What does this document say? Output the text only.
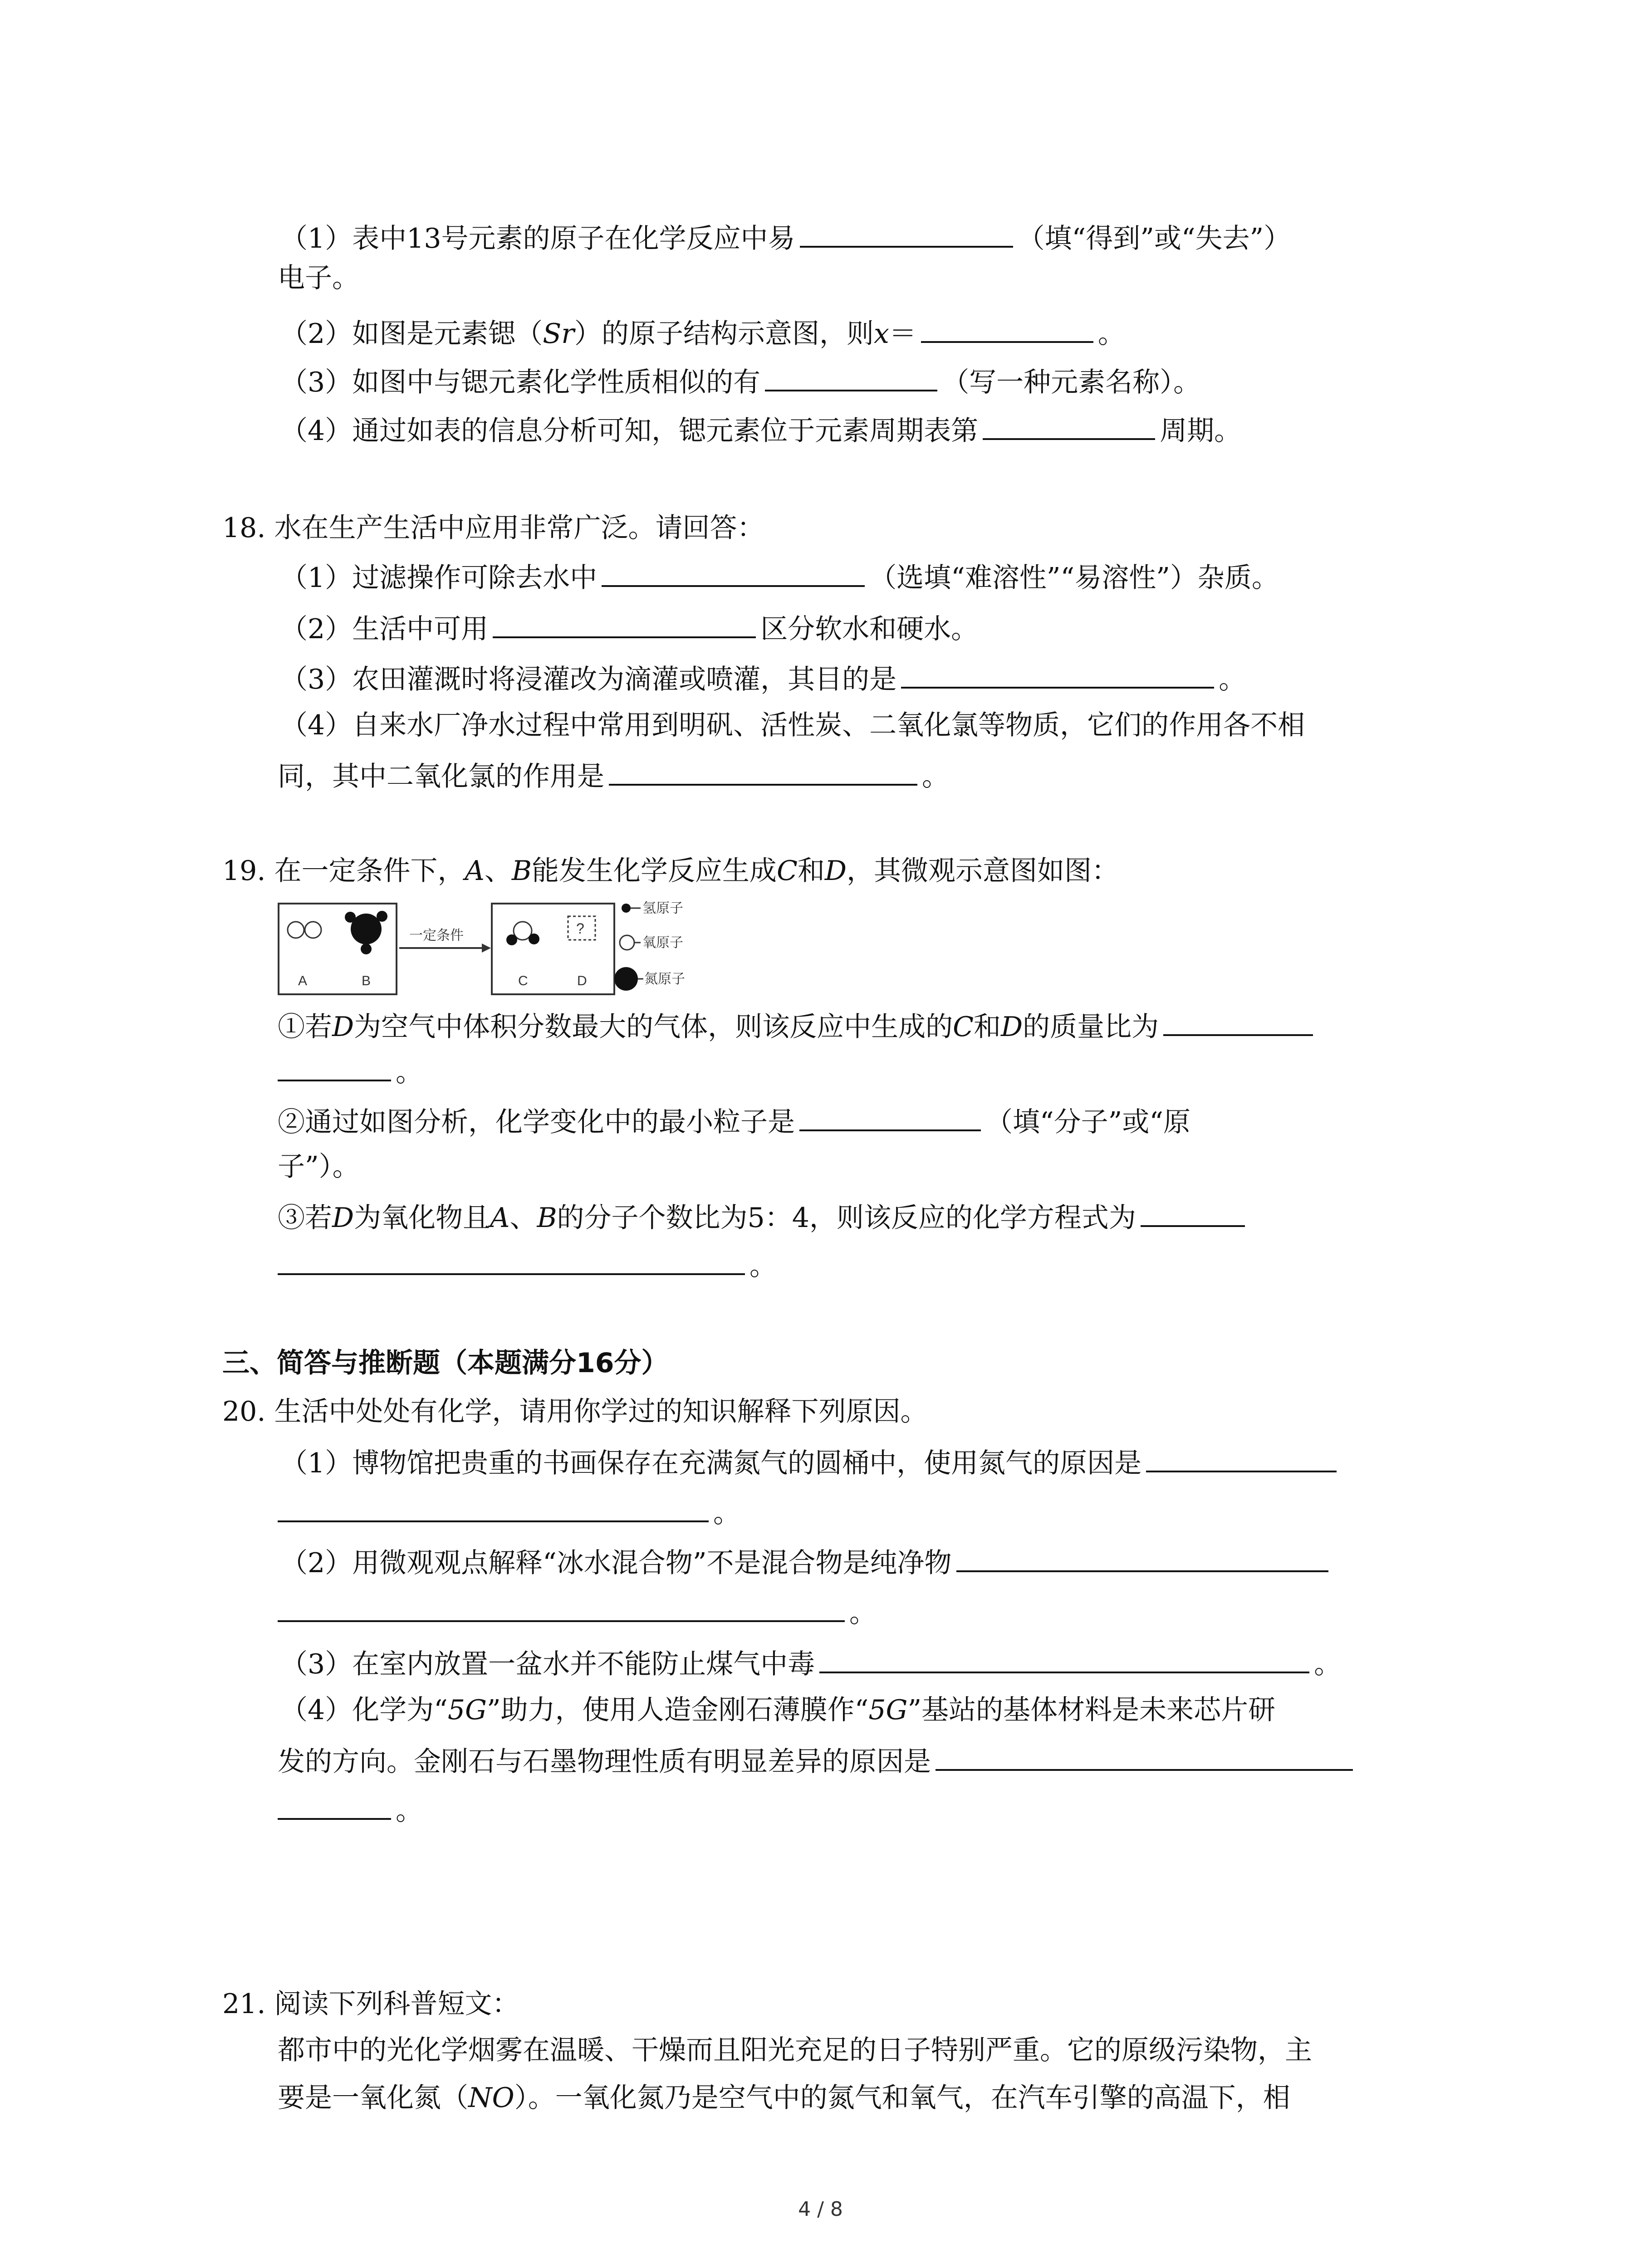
（1）表中13号元素的原子在化学反应中易	（填“得到”或“失去”）
电子。
（2）如图是元素锶（Sr）的原子结构示意图，则x＝	。
（3）如图中与锶元素化学性质相似的有	（写一种元素名称）。
（4）通过如表的信息分析可知，锶元素位于元素周期表第	周期。
18. 水在生产生活中应用非常广泛。请回答：
（1）过滤操作可除去水中	（选填“难溶性”“易溶性”）杂质。
（2）生活中可用	区分软水和硬水。
（3）农田灌溉时将浸灌改为滴灌或喷灌，其目的是	。
（4）自来水厂净水过程中常用到明矾、活性炭、二氧化氯等物质，它们的作用各不相
同，其中二氧化氯的作用是	。
19. 在一定条件下，A、B能发生化学反应生成C和D，其微观示意图如图：
A	B
一定条件	?
C	D
氢原子
氧原子
氮原子
①若D为空气中体积分数最大的气体，则该反应中生成的C和D的质量比为
。
②通过如图分析，化学变化中的最小粒子是	（填“分子”或“原
子”）。
③若D为氧化物且A、B的分子个数比为5：4，则该反应的化学方程式为
。
三、简答与推断题（本题满分16分）
20. 生活中处处有化学，请用你学过的知识解释下列原因。
（1）博物馆把贵重的书画保存在充满氮气的圆桶中，使用氮气的原因是
。
（2）用微观观点解释“冰水混合物”不是混合物是纯净物
。
（3）在室内放置一盆水并不能防止煤气中毒	。
（4）化学为“5G”助力，使用人造金刚石薄膜作“5G”基站的基体材料是未来芯片研
发的方向。金刚石与石墨物理性质有明显差异的原因是
。
21. 阅读下列科普短文：
都市中的光化学烟雾在温暖、干燥而且阳光充足的日子特别严重。它的原级污染物，主
要是一氧化氮（NO）。一氧化氮乃是空气中的氮气和氧气，在汽车引擎的高温下，相
4 / 8
